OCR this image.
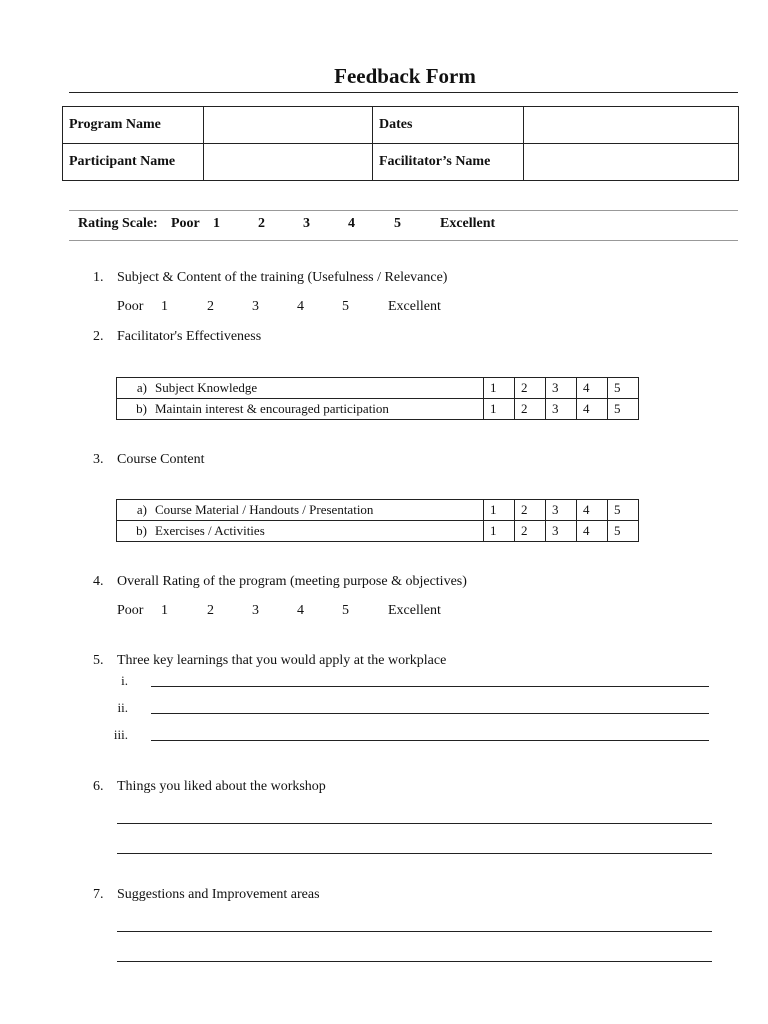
Feedback Form
Program Name		Dates	
Participant Name		Facilitator’s Name	
Rating Scale: Poor 1	2	3	4	5	Excellent
1. Subject & Content of the training (Usefulness / Relevance)
Poor 1	2	3	4	5	Excellent
2. Facilitator's Effectiveness
a) Subject Knowledge	1	2	3	4	5
b) Maintain interest & encouraged participation	1	2	3	4	5
3. Course Content
a) Course Material / Handouts / Presentation	1	2	3	4	5
b) Exercises / Activities	1	2	3	4	5
4. Overall Rating of the program (meeting purpose & objectives)
Poor 1	2	3	4	5	Excellent
5. Three key learnings that you would apply at the workplace
i.
ii.
iii.
6. Things you liked about the workshop
7. Suggestions and Improvement areas
